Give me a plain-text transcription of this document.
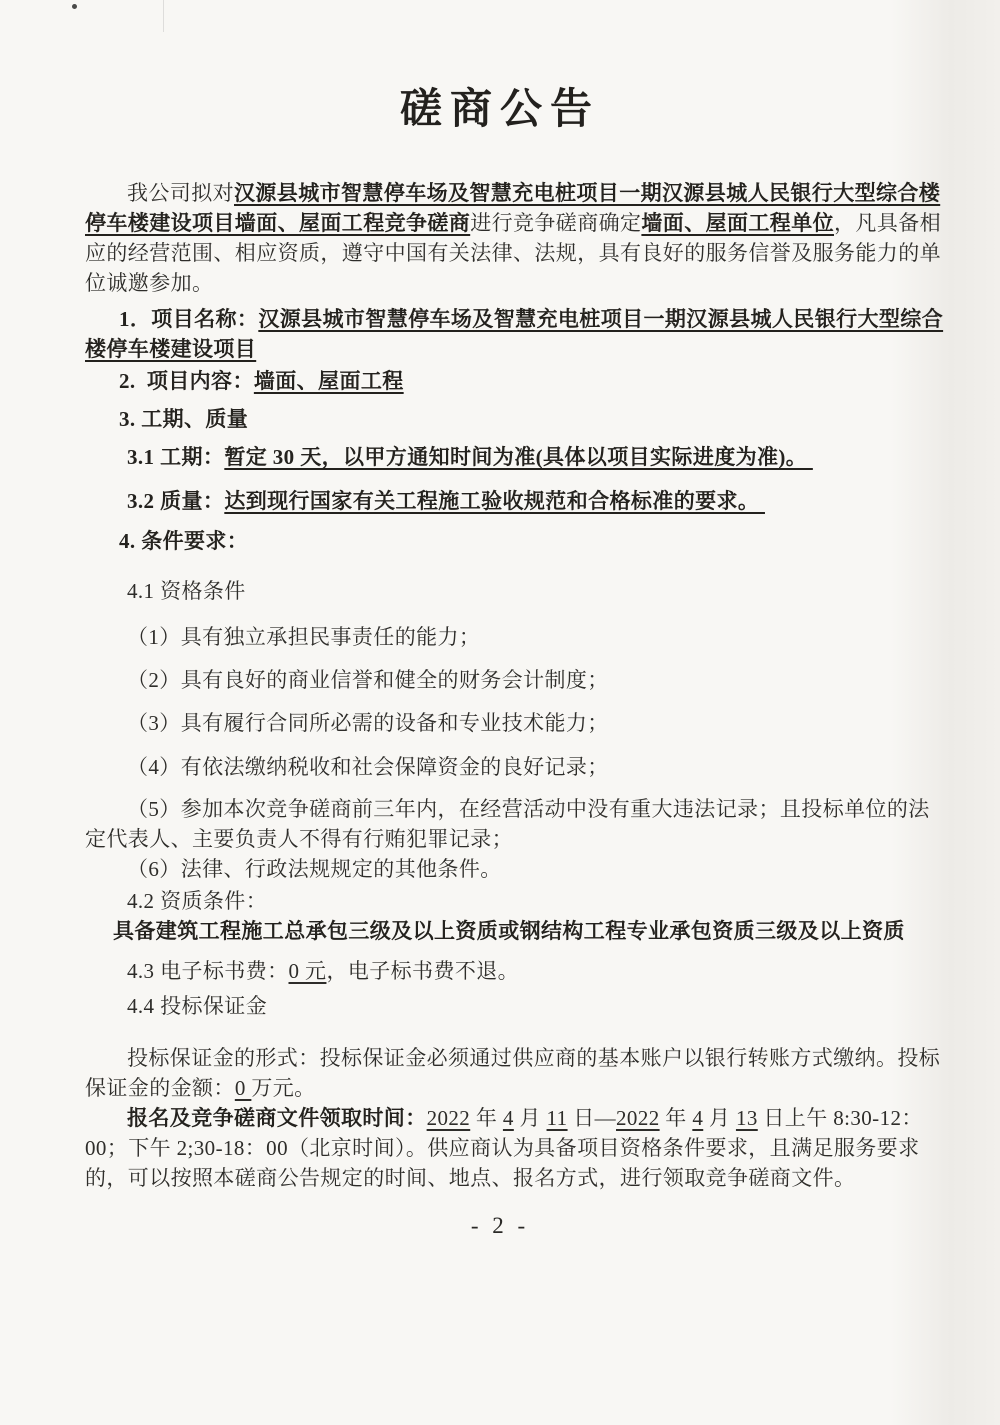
磋商公告

我公司拟对汉源县城市智慧停车场及智慧充电桩项目一期汉源县城人民银行大型综合楼停车楼建设项目墙面、屋面工程竞争磋商进行竞争磋商确定墙面、屋面工程单位，凡具备相应的经营范围、相应资质，遵守中国有关法律、法规，具有良好的服务信誉及服务能力的单位诚邀参加。

1．项目名称：汉源县城市智慧停车场及智慧充电桩项目一期汉源县城人民银行大型综合楼停车楼建设项目

2.  项目内容：墙面、屋面工程

3. 工期、质量

3.1 工期：暂定 30 天，以甲方通知时间为准(具体以项目实际进度为准)。

3.2 质量：达到现行国家有关工程施工验收规范和合格标准的要求。

4. 条件要求：

4.1 资格条件

（1）具有独立承担民事责任的能力；

（2）具有良好的商业信誉和健全的财务会计制度；

（3）具有履行合同所必需的设备和专业技术能力；

（4）有依法缴纳税收和社会保障资金的良好记录；

（5）参加本次竞争磋商前三年内，在经营活动中没有重大违法记录；且投标单位的法定代表人、主要负责人不得有行贿犯罪记录；

（6）法律、行政法规规定的其他条件。

4.2 资质条件：

具备建筑工程施工总承包三级及以上资质或钢结构工程专业承包资质三级及以上资质

4.3 电子标书费：0 元，电子标书费不退。

4.4 投标保证金

投标保证金的形式：投标保证金必须通过供应商的基本账户以银行转账方式缴纳。投标保证金的金额：0 万元。

报名及竞争磋商文件领取时间：2022 年 4 月 11 日—2022 年 4 月 13 日上午 8:30-12：00；下午 2;30-18：00（北京时间）。供应商认为具备项目资格条件要求，且满足服务要求的，可以按照本磋商公告规定的时间、地点、报名方式，进行领取竞争磋商文件。

- 2 -
